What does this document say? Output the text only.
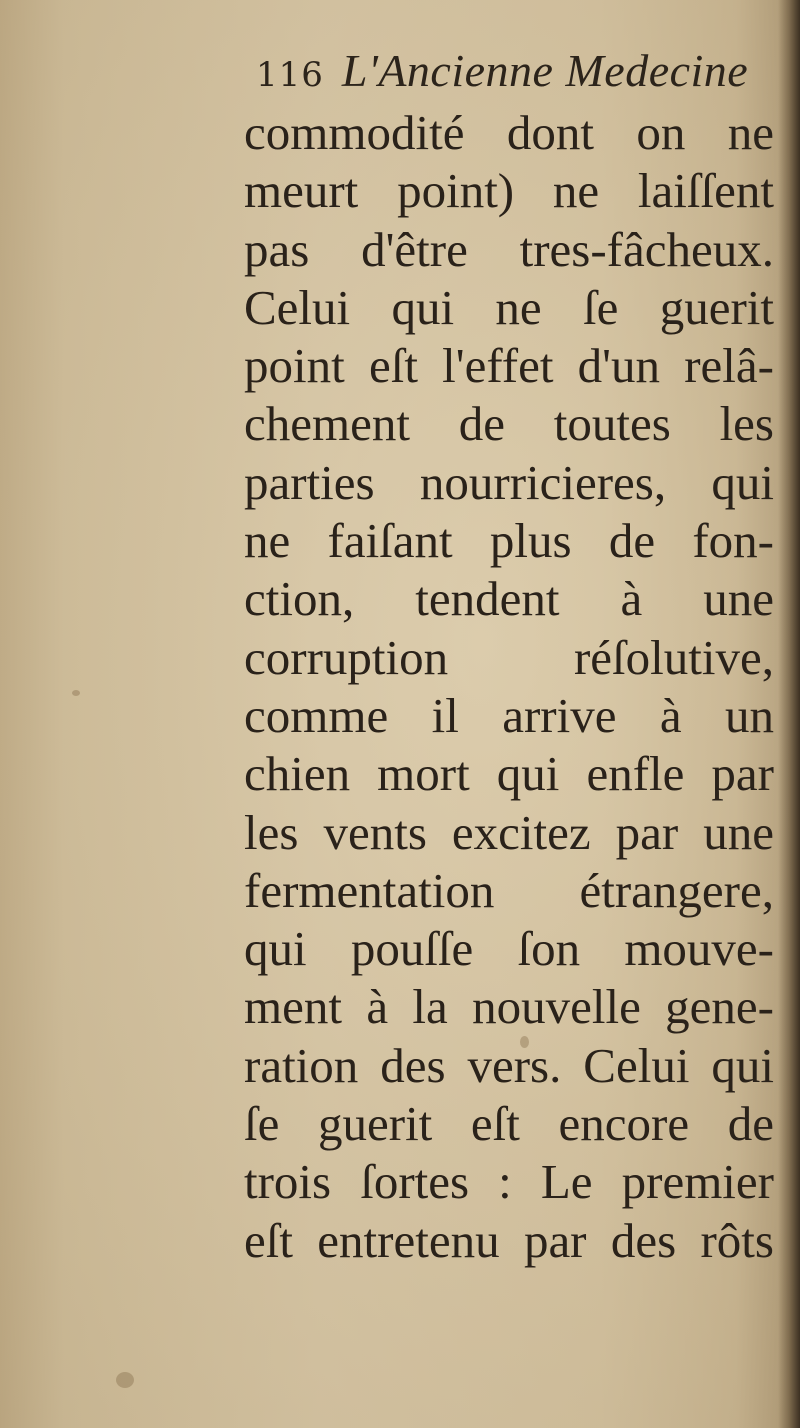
116 L'Ancienne Medecine
commodité dont on ne
meurt point) ne laiſſent
pas d'être tres-fâcheux.
Celui qui ne ſe guerit
point eſt l'effet d'un relâ-
chement de toutes les
parties nourricieres, qui
ne faiſant plus de fon-
ction, tendent à une
corruption réſolutive,
comme il arrive à un
chien mort qui enfle par
les vents excitez par une
fermentation étrangere,
qui pouſſe ſon mouve-
ment à la nouvelle gene-
ration des vers. Celui qui
ſe guerit eſt encore de
trois ſortes : Le premier
eſt entretenu par des rôts
